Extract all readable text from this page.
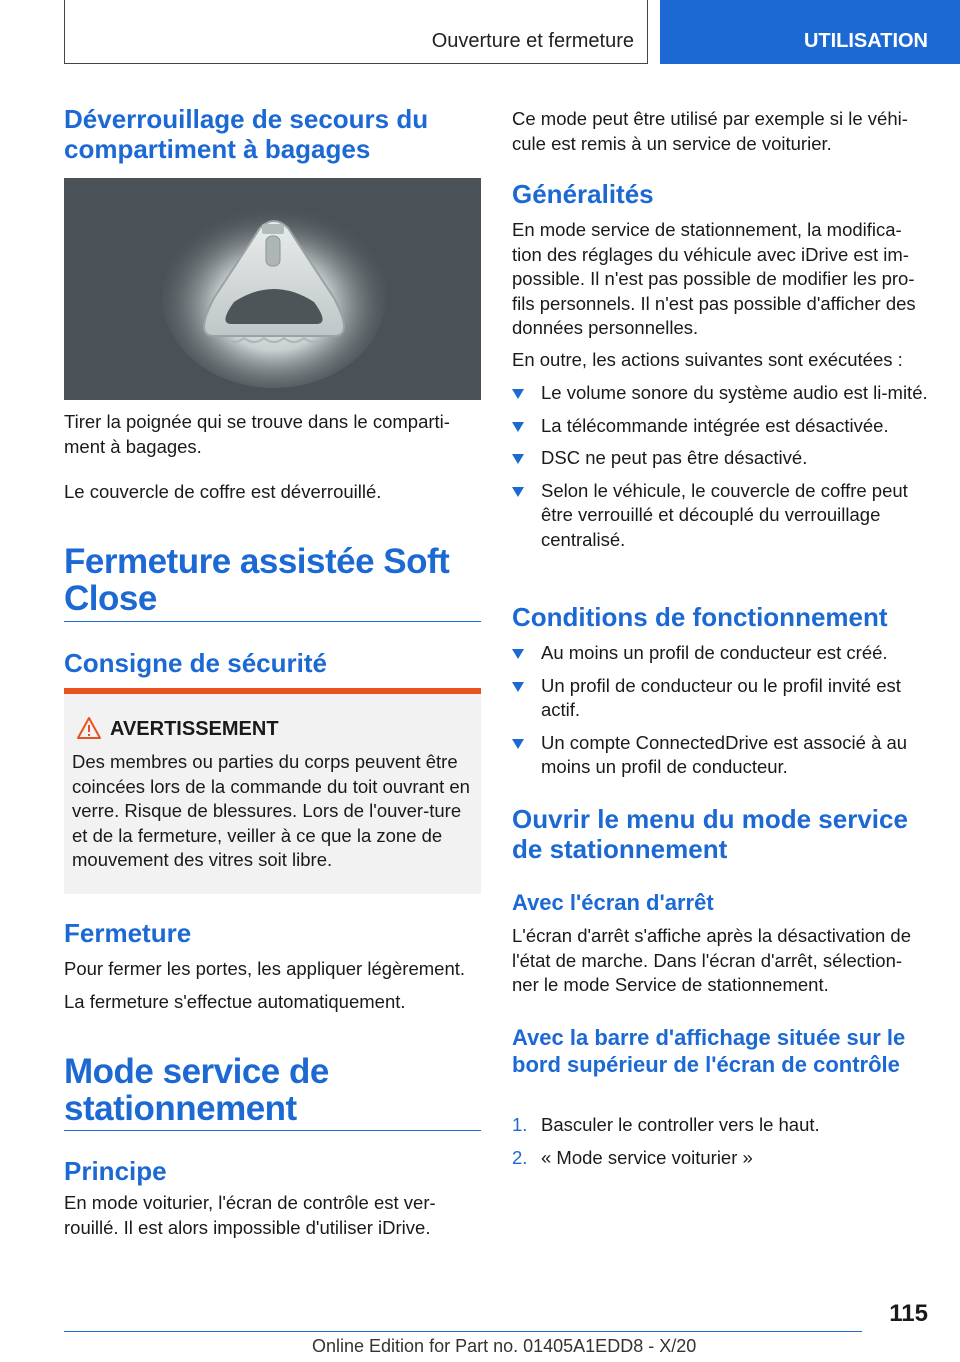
Ouverture et fermeture	UTILISATION
Déverrouillage de secours du compartiment à bagages
Tirer la poignée qui se trouve dans le comparti-ment à bagages.
Le couvercle de coffre est déverrouillé.
Fermeture assistée Soft Close
Consigne de sécurité
AVERTISSEMENT
Des membres ou parties du corps peuvent être coincées lors de la commande du toit ouvrant en verre. Risque de blessures. Lors de l'ouver-ture et de la fermeture, veiller à ce que la zone de mouvement des vitres soit libre.
Fermeture
Pour fermer les portes, les appliquer légèrement.
La fermeture s'effectue automatiquement.
Mode service de stationnement
Principe
En mode voiturier, l'écran de contrôle est ver-rouillé. Il est alors impossible d'utiliser iDrive.
Ce mode peut être utilisé par exemple si le véhi-cule est remis à un service de voiturier.
Généralités
En mode service de stationnement, la modifica-tion des réglages du véhicule avec iDrive est im-possible. Il n'est pas possible de modifier les pro-fils personnels. Il n'est pas possible d'afficher des données personnelles.
En outre, les actions suivantes sont exécutées :
Le volume sonore du système audio est li-mité.
La télécommande intégrée est désactivée.
DSC ne peut pas être désactivé.
Selon le véhicule, le couvercle de coffre peut être verrouillé et découplé du verrouillage centralisé.
Conditions de fonctionnement
Au moins un profil de conducteur est créé.
Un profil de conducteur ou le profil invité est actif.
Un compte ConnectedDrive est associé à au moins un profil de conducteur.
Ouvrir le menu du mode service de stationnement
Avec l'écran d'arrêt
L'écran d'arrêt s'affiche après la désactivation de l'état de marche. Dans l'écran d'arrêt, sélection-ner le mode Service de stationnement.
Avec la barre d'affichage située sur le bord supérieur de l'écran de contrôle
1. Basculer le controller vers le haut.
2. « Mode service voiturier »
115
Online Edition for Part no. 01405A1EDD8 - X/20
